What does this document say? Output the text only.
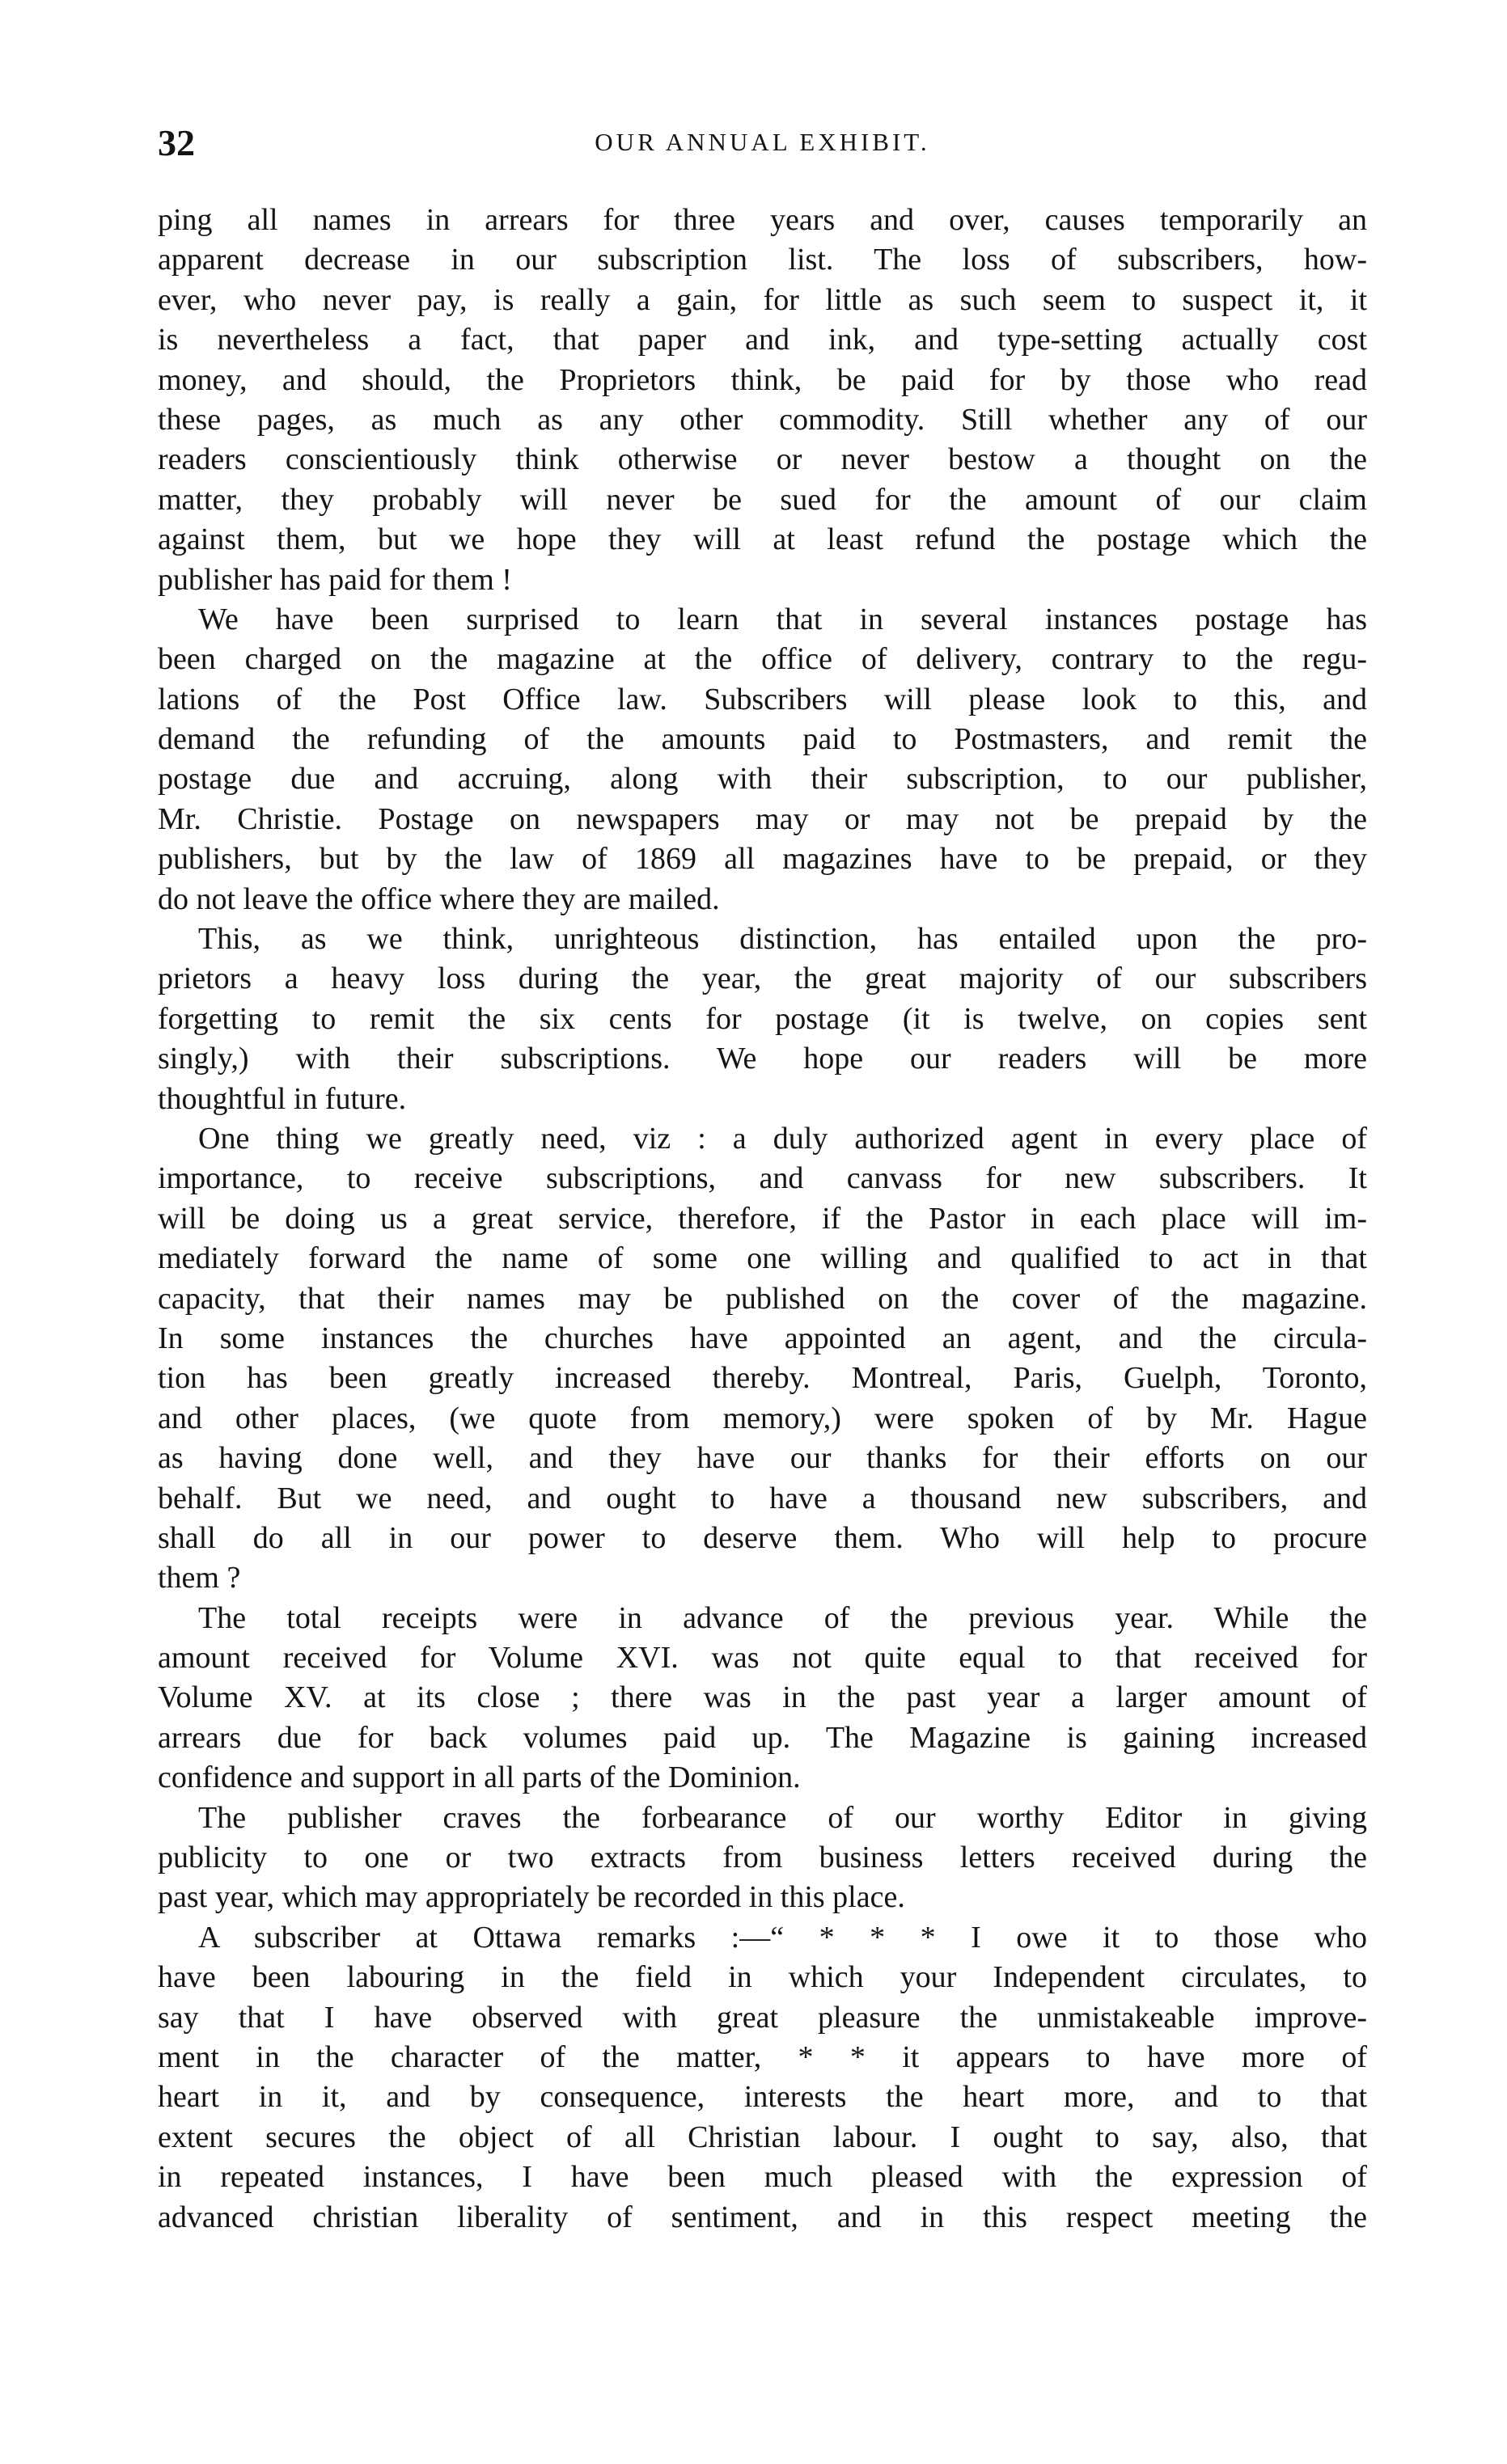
32	OUR ANNUAL EXHIBIT.
ping all names in arrears for three years and over, causes temporarily an
apparent decrease in our subscription list. The loss of subscribers, how-
ever, who never pay, is really a gain, for little as such seem to suspect it, it
is nevertheless a fact, that paper and ink, and type-setting actually cost
money, and should, the Proprietors think, be paid for by those who read
these pages, as much as any other commodity. Still whether any of our
readers conscientiously think otherwise or never bestow a thought on the
matter, they probably will never be sued for the amount of our claim
against them, but we hope they will at least refund the postage which the
publisher has paid for them !
We have been surprised to learn that in several instances postage has
been charged on the magazine at the office of delivery, contrary to the regu-
lations of the Post Office law. Subscribers will please look to this, and
demand the refunding of the amounts paid to Postmasters, and remit the
postage due and accruing, along with their subscription, to our publisher,
Mr. Christie. Postage on newspapers may or may not be prepaid by the
publishers, but by the law of 1869 all magazines have to be prepaid, or they
do not leave the office where they are mailed.
This, as we think, unrighteous distinction, has entailed upon the pro-
prietors a heavy loss during the year, the great majority of our subscribers
forgetting to remit the six cents for postage (it is twelve, on copies sent
singly,) with their subscriptions. We hope our readers will be more
thoughtful in future.
One thing we greatly need, viz : a duly authorized agent in every place of
importance, to receive subscriptions, and canvass for new subscribers. It
will be doing us a great service, therefore, if the Pastor in each place will im-
mediately forward the name of some one willing and qualified to act in that
capacity, that their names may be published on the cover of the magazine.
In some instances the churches have appointed an agent, and the circula-
tion has been greatly increased thereby. Montreal, Paris, Guelph, Toronto,
and other places, (we quote from memory,) were spoken of by Mr. Hague
as having done well, and they have our thanks for their efforts on our
behalf. But we need, and ought to have a thousand new subscribers, and
shall do all in our power to deserve them. Who will help to procure
them ?
The total receipts were in advance of the previous year. While the
amount received for Volume XVI. was not quite equal to that received for
Volume XV. at its close ; there was in the past year a larger amount of
arrears due for back volumes paid up. The Magazine is gaining increased
confidence and support in all parts of the Dominion.
The publisher craves the forbearance of our worthy Editor in giving
publicity to one or two extracts from business letters received during the
past year, which may appropriately be recorded in this place.
A subscriber at Ottawa remarks :—“ * * * I owe it to those who
have been labouring in the field in which your Independent circulates, to
say that I have observed with great pleasure the unmistakeable improve-
ment in the character of the matter, * * it appears to have more of
heart in it, and by consequence, interests the heart more, and to that
extent secures the object of all Christian labour. I ought to say, also, that
in repeated instances, I have been much pleased with the expression of
advanced christian liberality of sentiment, and in this respect meeting the
